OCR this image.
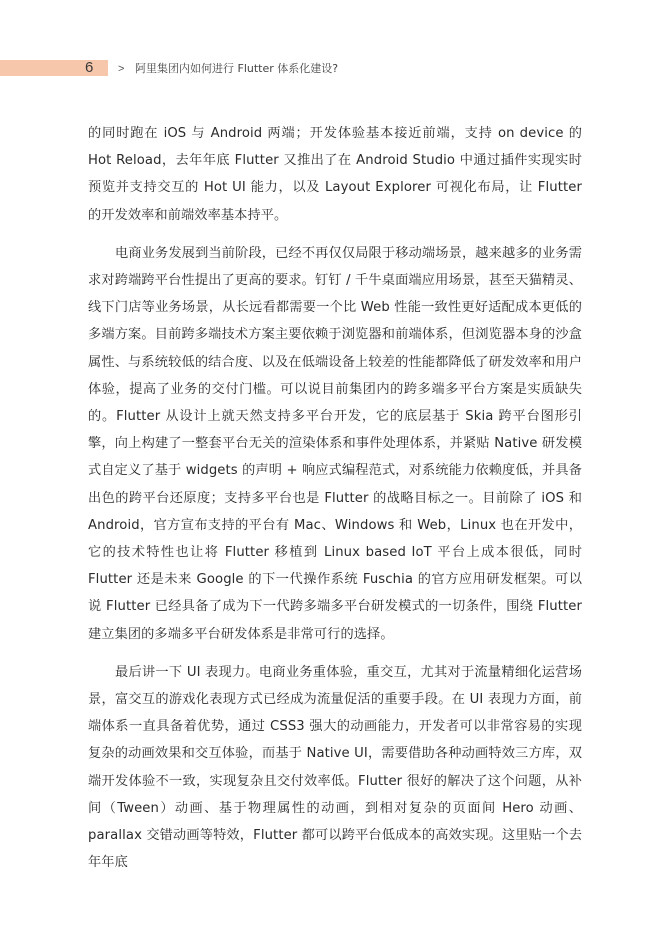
6 > 阿里集团内如何进行 Flutter 体系化建设?

的同时跑在 iOS 与 Android 两端；开发体验基本接近前端，支持 on device 的 Hot Reload，去年年底 Flutter 又推出了在 Android Studio 中通过插件实现实时预览并支持交互的 Hot UI 能力，以及 Layout Explorer 可视化布局，让 Flutter 的开发效率和前端效率基本持平。

电商业务发展到当前阶段，已经不再仅仅局限于移动端场景，越来越多的业务需求对跨端跨平台性提出了更高的要求。钉钉 / 千牛桌面端应用场景，甚至天猫精灵、线下门店等业务场景，从长远看都需要一个比 Web 性能一致性更好适配成本更低的多端方案。目前跨多端技术方案主要依赖于浏览器和前端体系，但浏览器本身的沙盒属性、与系统较低的结合度、以及在低端设备上较差的性能都降低了研发效率和用户体验，提高了业务的交付门槛。可以说目前集团内的跨多端多平台方案是实质缺失的。Flutter 从设计上就天然支持多平台开发，它的底层基于 Skia 跨平台图形引擎，向上构建了一整套平台无关的渲染体系和事件处理体系，并紧贴 Native 研发模式自定义了基于 widgets 的声明 + 响应式编程范式，对系统能力依赖度低，并具备出色的跨平台还原度；支持多平台也是 Flutter 的战略目标之一。目前除了 iOS 和 Android，官方宣布支持的平台有 Mac、Windows 和 Web，Linux 也在开发中，它的技术特性也让将 Flutter 移植到 Linux based IoT 平台上成本很低，同时 Flutter 还是未来 Google 的下一代操作系统 Fuschia 的官方应用研发框架。可以说 Flutter 已经具备了成为下一代跨多端多平台研发模式的一切条件，围绕 Flutter 建立集团的多端多平台研发体系是非常可行的选择。

最后讲一下 UI 表现力。电商业务重体验，重交互，尤其对于流量精细化运营场景，富交互的游戏化表现方式已经成为流量促活的重要手段。在 UI 表现力方面，前端体系一直具备着优势，通过 CSS3 强大的动画能力，开发者可以非常容易的实现复杂的动画效果和交互体验，而基于 Native UI，需要借助各种动画特效三方库，双端开发体验不一致，实现复杂且交付效率低。Flutter 很好的解决了这个问题，从补间（Tween）动画、基于物理属性的动画，到相对复杂的页面间 Hero 动画、parallax 交错动画等特效，Flutter 都可以跨平台低成本的高效实现。这里贴一个去年年底
